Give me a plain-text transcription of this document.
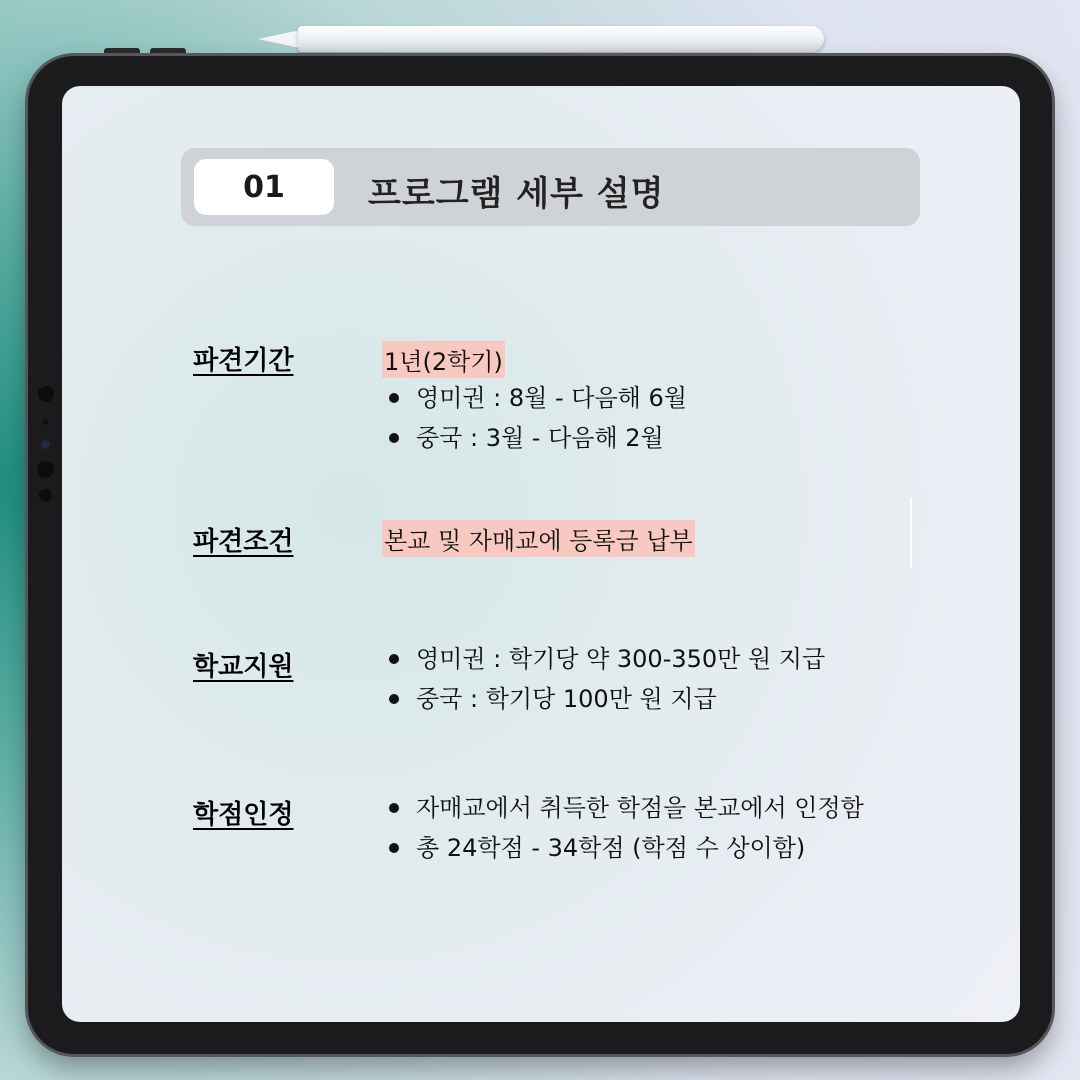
01	프로그램 세부 설명
파견기간	1년(2학기)
영미권 : 8월 - 다음해 6월
중국 : 3월 - 다음해 2월
파견조건	본교 및 자매교에 등록금 납부
학교지원	영미권 : 학기당 약 300-350만 원 지급
중국 : 학기당 100만 원 지급
학점인정	자매교에서 취득한 학점을 본교에서 인정함
총 24학점 - 34학점 (학점 수 상이함)
